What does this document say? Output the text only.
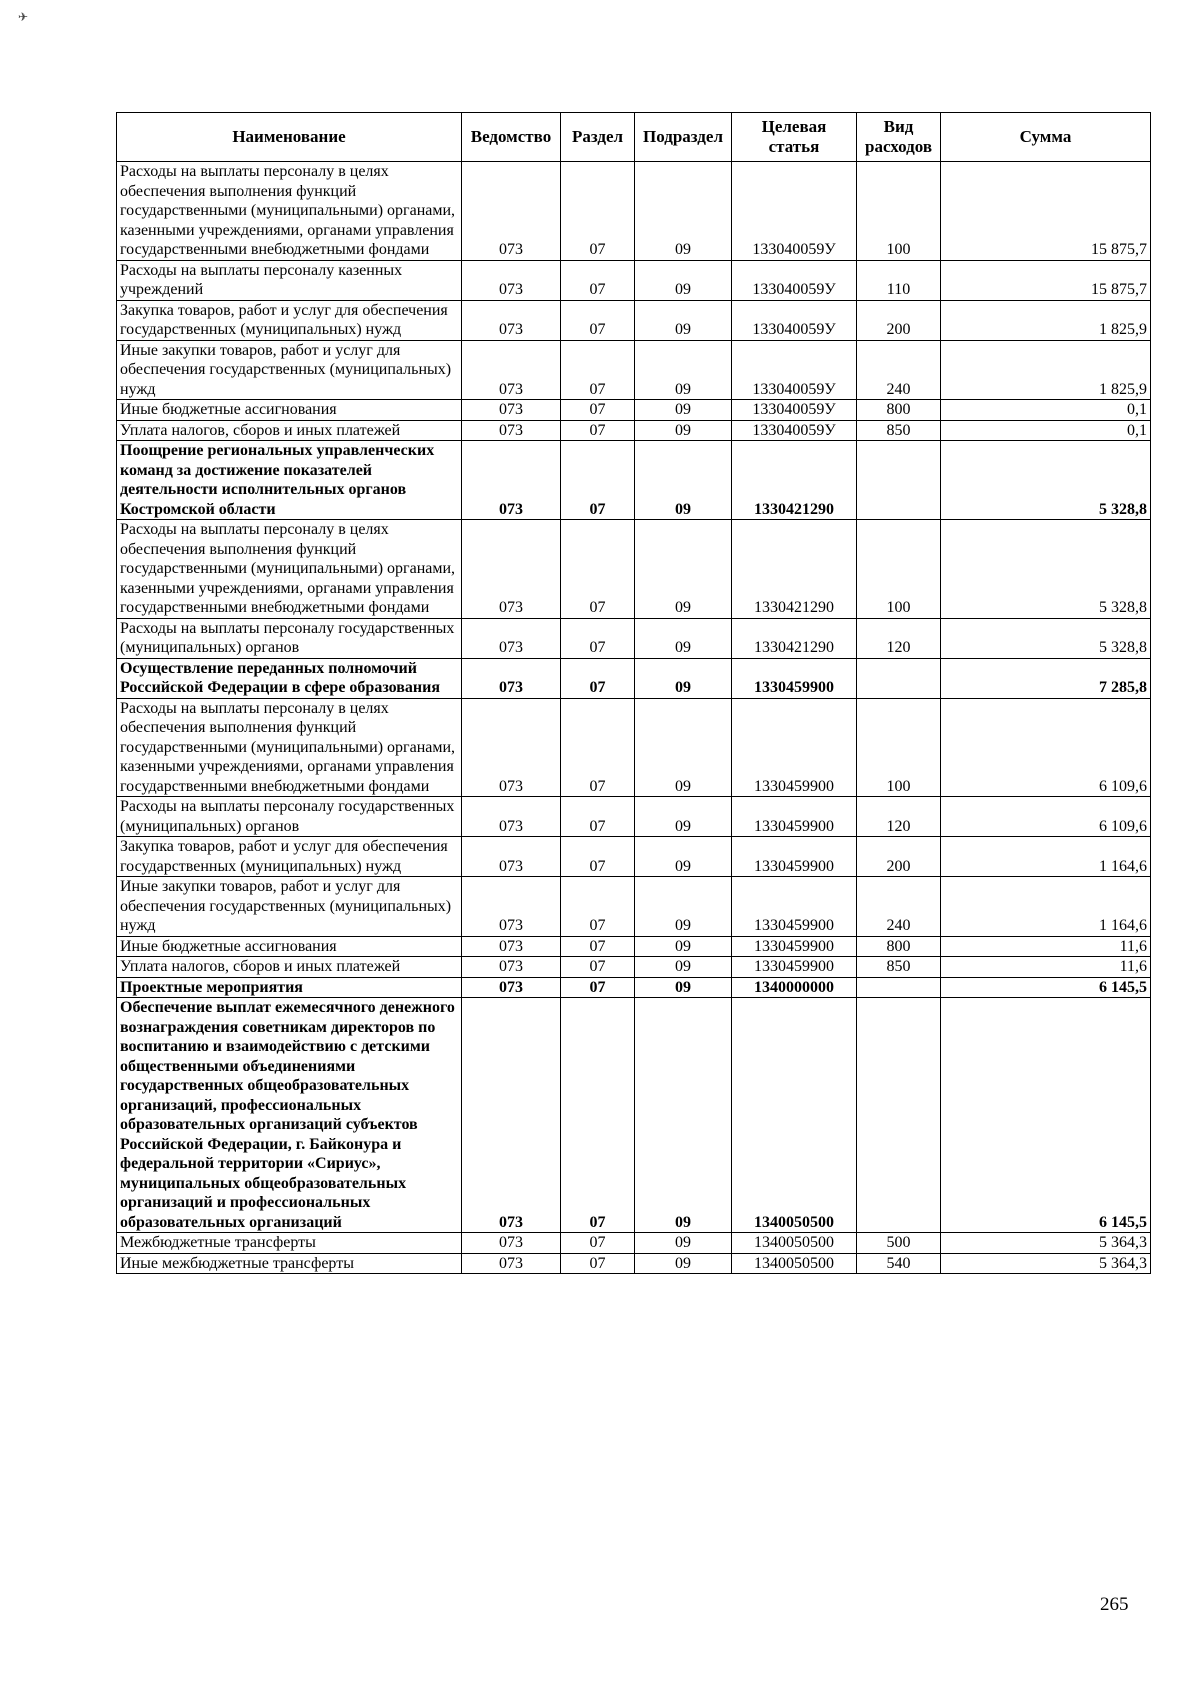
✈
Наименование	Ведомство	Раздел	Подраздел	Целевая статья	Вид расходов	Сумма
Расходы на выплаты персоналу в целях обеспечения выполнения функций государственными (муниципальными) органами, казенными учреждениями, органами управления государственными внебюджетными фондами	073	07	09	133040059У	100	15 875,7
Расходы на выплаты персоналу казенных учреждений	073	07	09	133040059У	110	15 875,7
Закупка товаров, работ и услуг для обеспечения государственных (муниципальных) нужд	073	07	09	133040059У	200	1 825,9
Иные закупки товаров, работ и услуг для обеспечения государственных (муниципальных) нужд	073	07	09	133040059У	240	1 825,9
Иные бюджетные ассигнования	073	07	09	133040059У	800	0,1
Уплата налогов, сборов и иных платежей	073	07	09	133040059У	850	0,1
Поощрение региональных управленческих команд за достижение показателей деятельности исполнительных органов Костромской области	073	07	09	1330421290		5 328,8
Расходы на выплаты персоналу в целях обеспечения выполнения функций государственными (муниципальными) органами, казенными учреждениями, органами управления государственными внебюджетными фондами	073	07	09	1330421290	100	5 328,8
Расходы на выплаты персоналу государственных (муниципальных) органов	073	07	09	1330421290	120	5 328,8
Осуществление переданных полномочий Российской Федерации в сфере образования	073	07	09	1330459900		7 285,8
Расходы на выплаты персоналу в целях обеспечения выполнения функций государственными (муниципальными) органами, казенными учреждениями, органами управления государственными внебюджетными фондами	073	07	09	1330459900	100	6 109,6
Расходы на выплаты персоналу государственных (муниципальных) органов	073	07	09	1330459900	120	6 109,6
Закупка товаров, работ и услуг для обеспечения государственных (муниципальных) нужд	073	07	09	1330459900	200	1 164,6
Иные закупки товаров, работ и услуг для обеспечения государственных (муниципальных) нужд	073	07	09	1330459900	240	1 164,6
Иные бюджетные ассигнования	073	07	09	1330459900	800	11,6
Уплата налогов, сборов и иных платежей	073	07	09	1330459900	850	11,6
Проектные мероприятия	073	07	09	1340000000		6 145,5
Обеспечение выплат ежемесячного денежного вознаграждения советникам директоров по воспитанию и взаимодействию с детскими общественными объединениями государственных общеобразовательных организаций, профессиональных образовательных организаций субъектов Российской Федерации, г. Байконура и федеральной территории «Сириус», муниципальных общеобразовательных организаций и профессиональных образовательных организаций	073	07	09	1340050500		6 145,5
Межбюджетные трансферты	073	07	09	1340050500	500	5 364,3
Иные межбюджетные трансферты	073	07	09	1340050500	540	5 364,3
265
